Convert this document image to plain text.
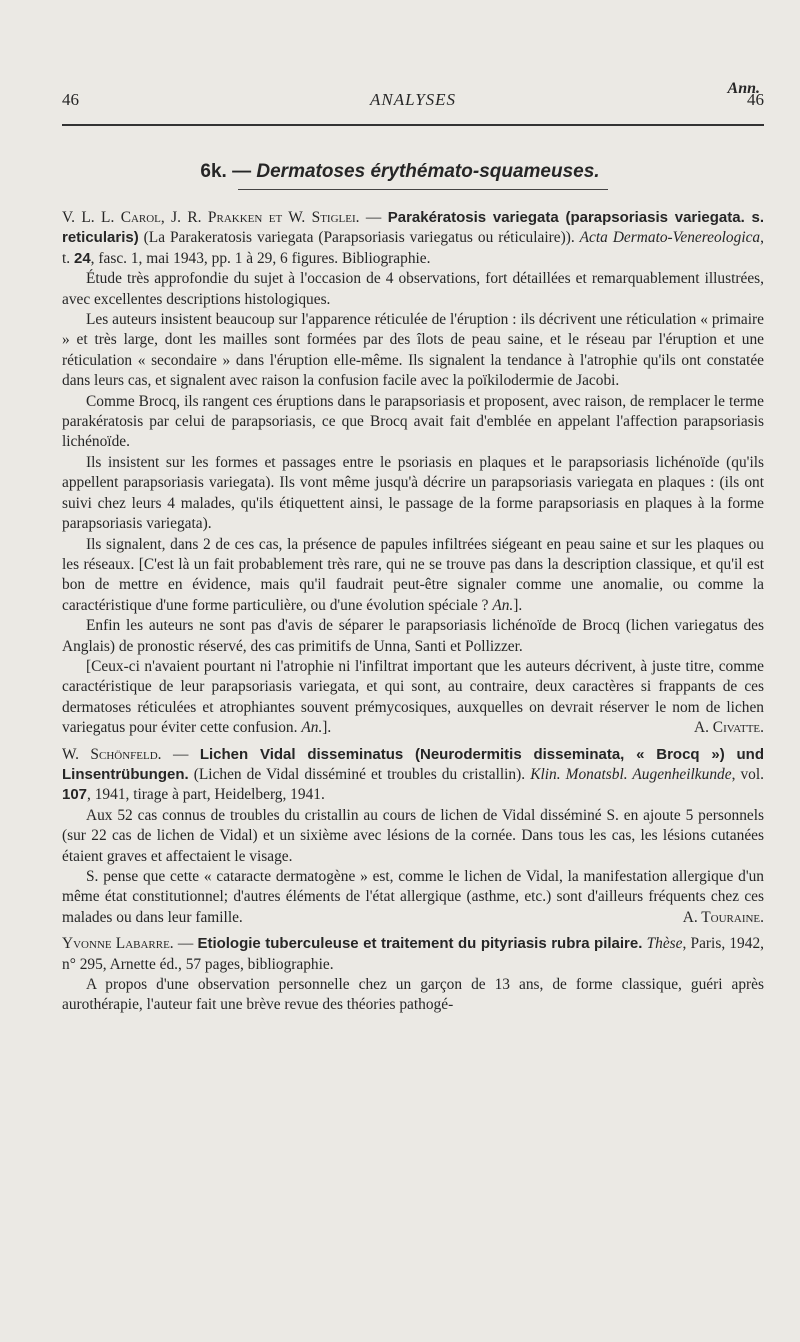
Ann.
46	ANALYSES	46
6k. — Dermatoses érythémato-squameuses.

V. L. L. Carol, J. R. Prakken et W. Stiglei. — Parakératosis variegata (parapsoriasis variegata. s. reticularis) (La Parakeratosis variegata (Parapsoriasis variegatus ou réticulaire)). Acta Dermato-Venereologica, t. 24, fasc. 1, mai 1943, pp. 1 à 29, 6 figures. Bibliographie.

Étude très approfondie du sujet à l'occasion de 4 observations, fort détaillées et remarquablement illustrées, avec excellentes descriptions histologiques.

Les auteurs insistent beaucoup sur l'apparence réticulée de l'éruption : ils décrivent une réticulation « primaire » et très large, dont les mailles sont formées par des îlots de peau saine, et le réseau par l'éruption et une réticulation « secondaire » dans l'éruption elle-même. Ils signalent la tendance à l'atrophie qu'ils ont constatée dans leurs cas, et signalent avec raison la confusion facile avec la poïkilodermie de Jacobi.

Comme Brocq, ils rangent ces éruptions dans le parapsoriasis et proposent, avec raison, de remplacer le terme parakératosis par celui de parapsoriasis, ce que Brocq avait fait d'emblée en appelant l'affection parapsoriasis lichénoïde.

Ils insistent sur les formes et passages entre le psoriasis en plaques et le parapsoriasis lichénoïde (qu'ils appellent parapsoriasis variegata). Ils vont même jusqu'à décrire un parapsoriasis variegata en plaques : (ils ont suivi chez leurs 4 malades, qu'ils étiquettent ainsi, le passage de la forme parapsoriasis en plaques à la forme parapsoriasis variegata).

Ils signalent, dans 2 de ces cas, la présence de papules infiltrées siégeant en peau saine et sur les plaques ou les réseaux. [C'est là un fait probablement très rare, qui ne se trouve pas dans la description classique, et qu'il est bon de mettre en évidence, mais qu'il faudrait peut-être signaler comme une anomalie, ou comme la caractéristique d'une forme particulière, ou d'une évolution spéciale ? An.].

Enfin les auteurs ne sont pas d'avis de séparer le parapsoriasis lichénoïde de Brocq (lichen variegatus des Anglais) de pronostic réservé, des cas primitifs de Unna, Santi et Pollizzer.

[Ceux-ci n'avaient pourtant ni l'atrophie ni l'infiltrat important que les auteurs décrivent, à juste titre, comme caractéristique de leur parapsoriasis variegata, et qui sont, au contraire, deux caractères si frappants de ces dermatoses réticulées et atrophiantes souvent prémycosiques, auxquelles on devrait réserver le nom de lichen variegatus pour éviter cette confusion. An.].	A. Civatte.

W. Schönfeld. — Lichen Vidal disseminatus (Neurodermitis disseminata, « Brocq ») und Linsentrübungen. (Lichen de Vidal disséminé et troubles du cristallin). Klin. Monatsbl. Augenheilkunde, vol. 107, 1941, tirage à part, Heidelberg, 1941.

Aux 52 cas connus de troubles du cristallin au cours de lichen de Vidal disséminé S. en ajoute 5 personnels (sur 22 cas de lichen de Vidal) et un sixième avec lésions de la cornée. Dans tous les cas, les lésions cutanées étaient graves et affectaient le visage.

S. pense que cette « cataracte dermatogène » est, comme le lichen de Vidal, la manifestation allergique d'un même état constitutionnel; d'autres éléments de l'état allergique (asthme, etc.) sont d'ailleurs fréquents chez ces malades ou dans leur famille.	A. Touraine.

Yvonne Labarre. — Etiologie tuberculeuse et traitement du pityriasis rubra pilaire. Thèse, Paris, 1942, n° 295, Arnette éd., 57 pages, bibliographie.

A propos d'une observation personnelle chez un garçon de 13 ans, de forme classique, guéri après aurothérapie, l'auteur fait une brève revue des théories pathogé-
